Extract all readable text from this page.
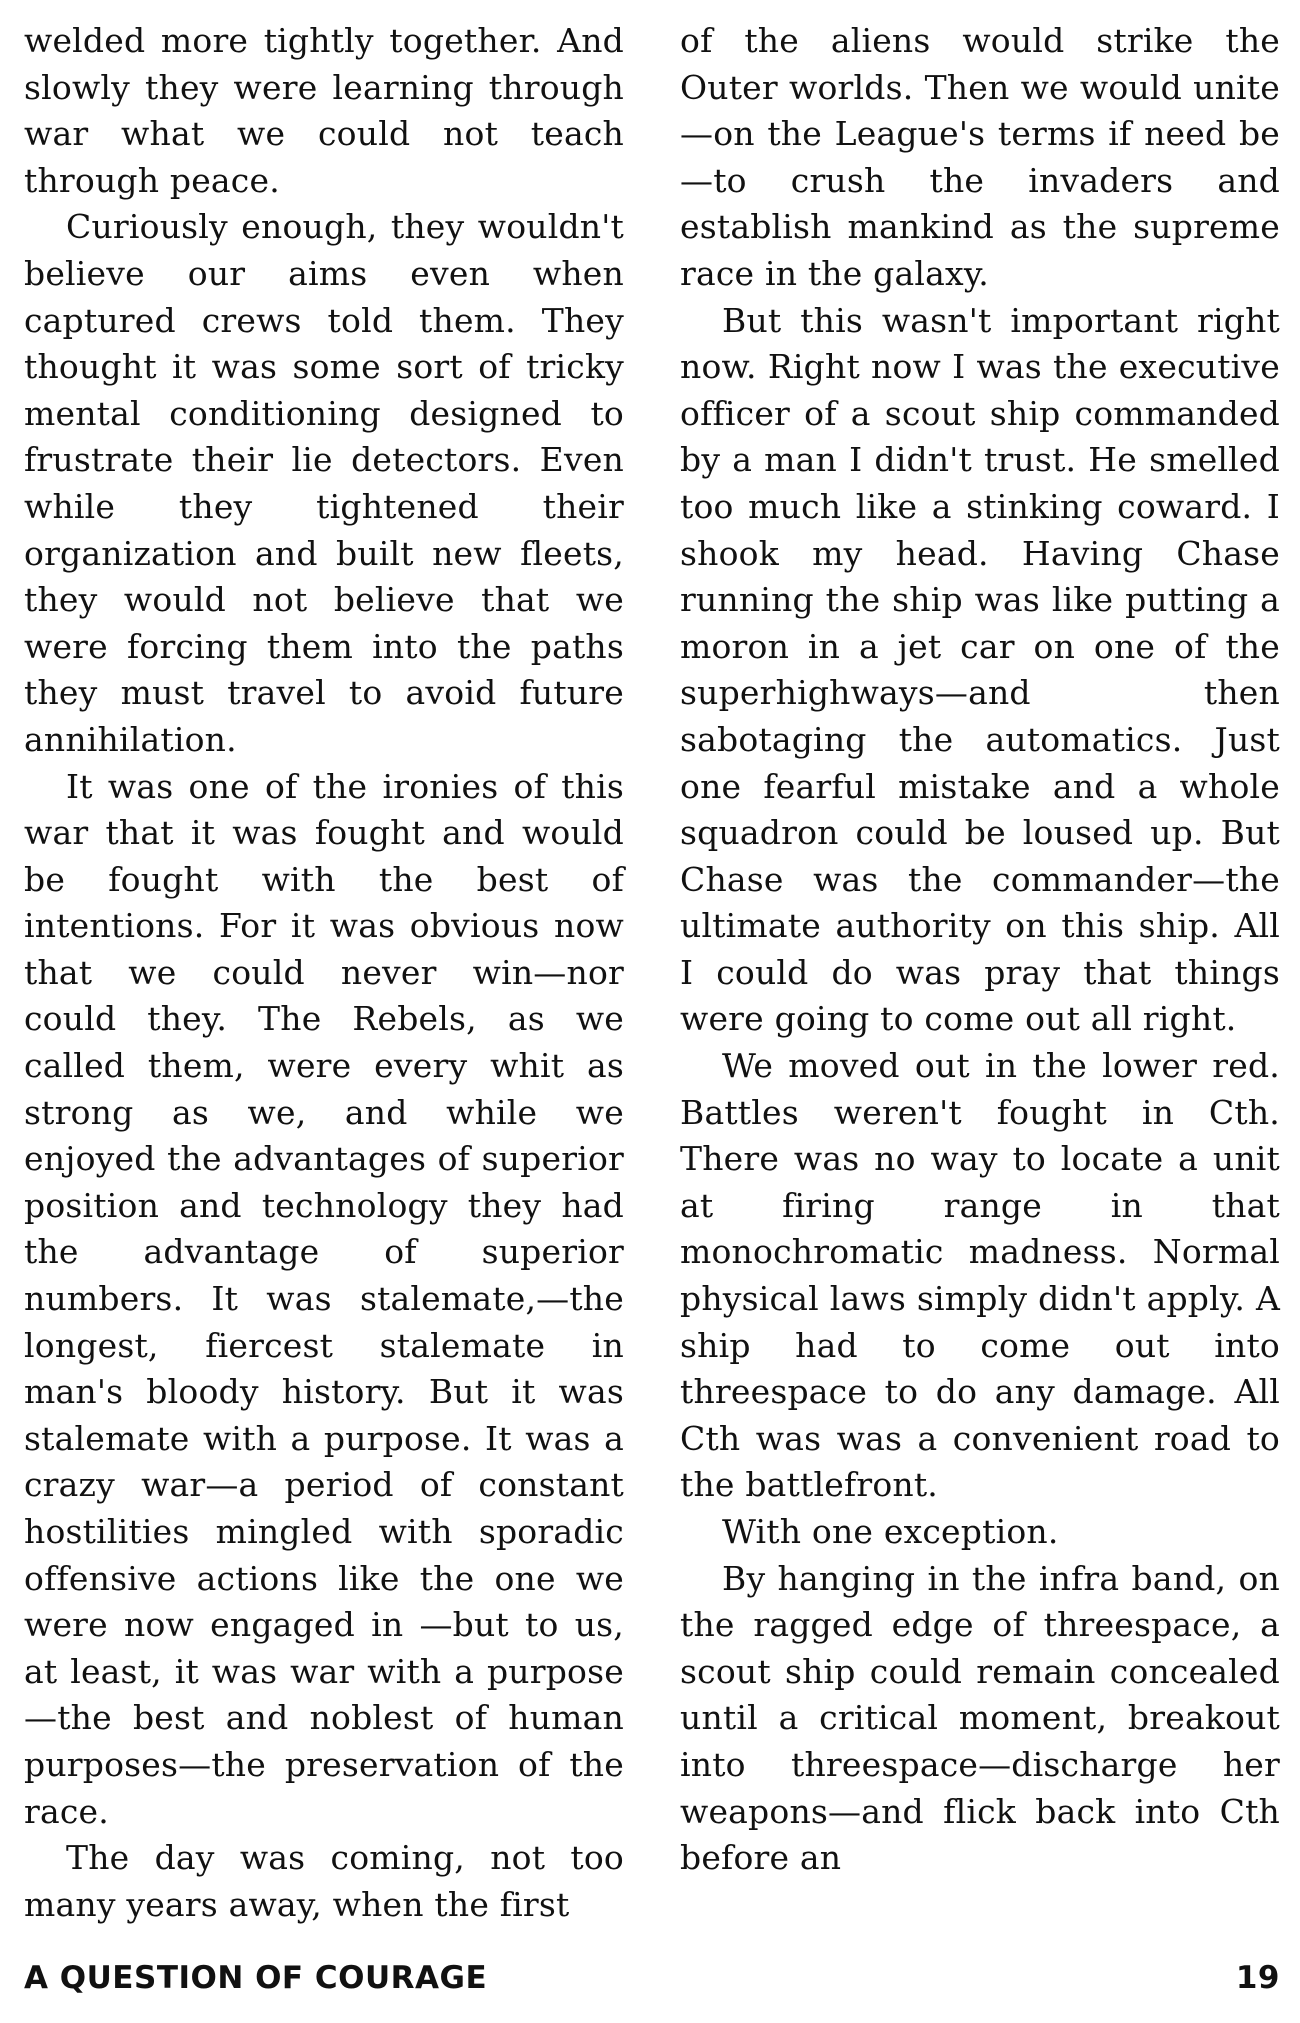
welded more tightly together. And slowly they were learning through war what we could not teach through peace.

Curiously enough, they wouldn't believe our aims even when captured crews told them. They thought it was some sort of tricky mental conditioning designed to frustrate their lie detectors. Even while they tightened their organization and built new fleets, they would not believe that we were forcing them into the paths they must travel to avoid future annihilation.

It was one of the ironies of this war that it was fought and would be fought with the best of intentions. For it was obvious now that we could never win—nor could they. The Rebels, as we called them, were every whit as strong as we, and while we enjoyed the advantages of superior position and technology they had the advantage of superior numbers. It was stalemate,—the longest, fiercest stalemate in man's bloody history. But it was stalemate with a purpose. It was a crazy war—a period of constant hostilities mingled with sporadic offensive actions like the one we were now engaged in —but to us, at least, it was war with a purpose—the best and noblest of human purposes—the preservation of the race.

The day was coming, not too many years away, when the first

of the aliens would strike the Outer worlds. Then we would unite—on the League's terms if need be—to crush the invaders and establish mankind as the supreme race in the galaxy.

But this wasn't important right now. Right now I was the executive officer of a scout ship commanded by a man I didn't trust. He smelled too much like a stinking coward. I shook my head. Having Chase running the ship was like putting a moron in a jet car on one of the superhighways—and then sabotaging the automatics. Just one fearful mistake and a whole squadron could be loused up. But Chase was the commander—the ultimate authority on this ship. All I could do was pray that things were going to come out all right.

We moved out in the lower red. Battles weren't fought in Cth. There was no way to locate a unit at firing range in that monochromatic madness. Normal physical laws simply didn't apply. A ship had to come out into threespace to do any damage. All Cth was was a convenient road to the battlefront.

With one exception.

By hanging in the infra band, on the ragged edge of threespace, a scout ship could remain concealed until a critical moment, breakout into threespace—discharge her weapons—and flick back into Cth before an

A QUESTION OF COURAGE	19
